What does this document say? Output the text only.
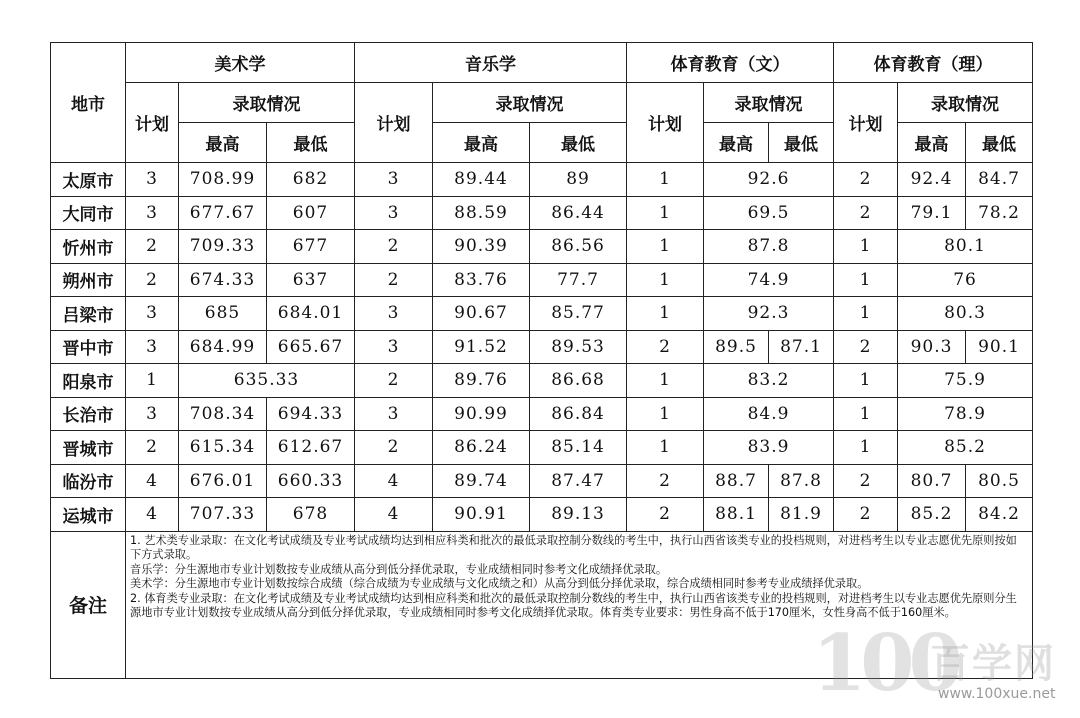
地市	美术学			音乐学			体育教育（文）			体育教育（理）		
	计划	录取情况		计划	录取情况		计划	录取情况		计划	录取情况	
		最高	最低		最高	最低		最高	最低		最高	最低
太原市	3	708.99	682	3	89.44	89	1	92.6		2	92.4	84.7
大同市	3	677.67	607	3	88.59	86.44	1	69.5		2	79.1	78.2
忻州市	2	709.33	677	2	90.39	86.56	1	87.8		1	80.1	
朔州市	2	674.33	637	2	83.76	77.7	1	74.9		1	76	
吕梁市	3	685	684.01	3	90.67	85.77	1	92.3		1	80.3	
晋中市	3	684.99	665.67	3	91.52	89.53	2	89.5	87.1	2	90.3	90.1
阳泉市	1	635.33		2	89.76	86.68	1	83.2		1	75.9	
长治市	3	708.34	694.33	3	90.99	86.84	1	84.9		1	78.9	
晋城市	2	615.34	612.67	2	86.24	85.14	1	83.9		1	85.2	
临汾市	4	676.01	660.33	4	89.74	87.47	2	88.7	87.8	2	80.7	80.5
运城市	4	707.33	678	4	90.91	89.13	2	88.1	81.9	2	85.2	84.2
备注	1. 艺术类专业录取：在文化考试成绩及专业考试成绩均达到相应科类和批次的最低录取控制分数线的考生中，执行山西省该类专业的投档规则，对进档考生以专业志愿优先原则按如下方式录取。
音乐学：分生源地市专业计划数按专业成绩从高分到低分择优录取，专业成绩相同时参考文化成绩择优录取。
美术学：分生源地市专业计划数按综合成绩（综合成绩为专业成绩与文化成绩之和）从高分到低分择优录取，综合成绩相同时参考专业成绩择优录取。
2. 体育类专业录取：在文化考试成绩及专业考试成绩均达到相应科类和批次的最低录取控制分数线的考生中，执行山西省该类专业的投档规则，对进档考生以专业志愿优先原则分生源地市专业计划数按专业成绩从高分到低分择优录取，专业成绩相同时参考文化成绩择优录取。体育类专业要求：男性身高不低于170厘米，女性身高不低于160厘米。											
100
百学网
www.100xue.net
